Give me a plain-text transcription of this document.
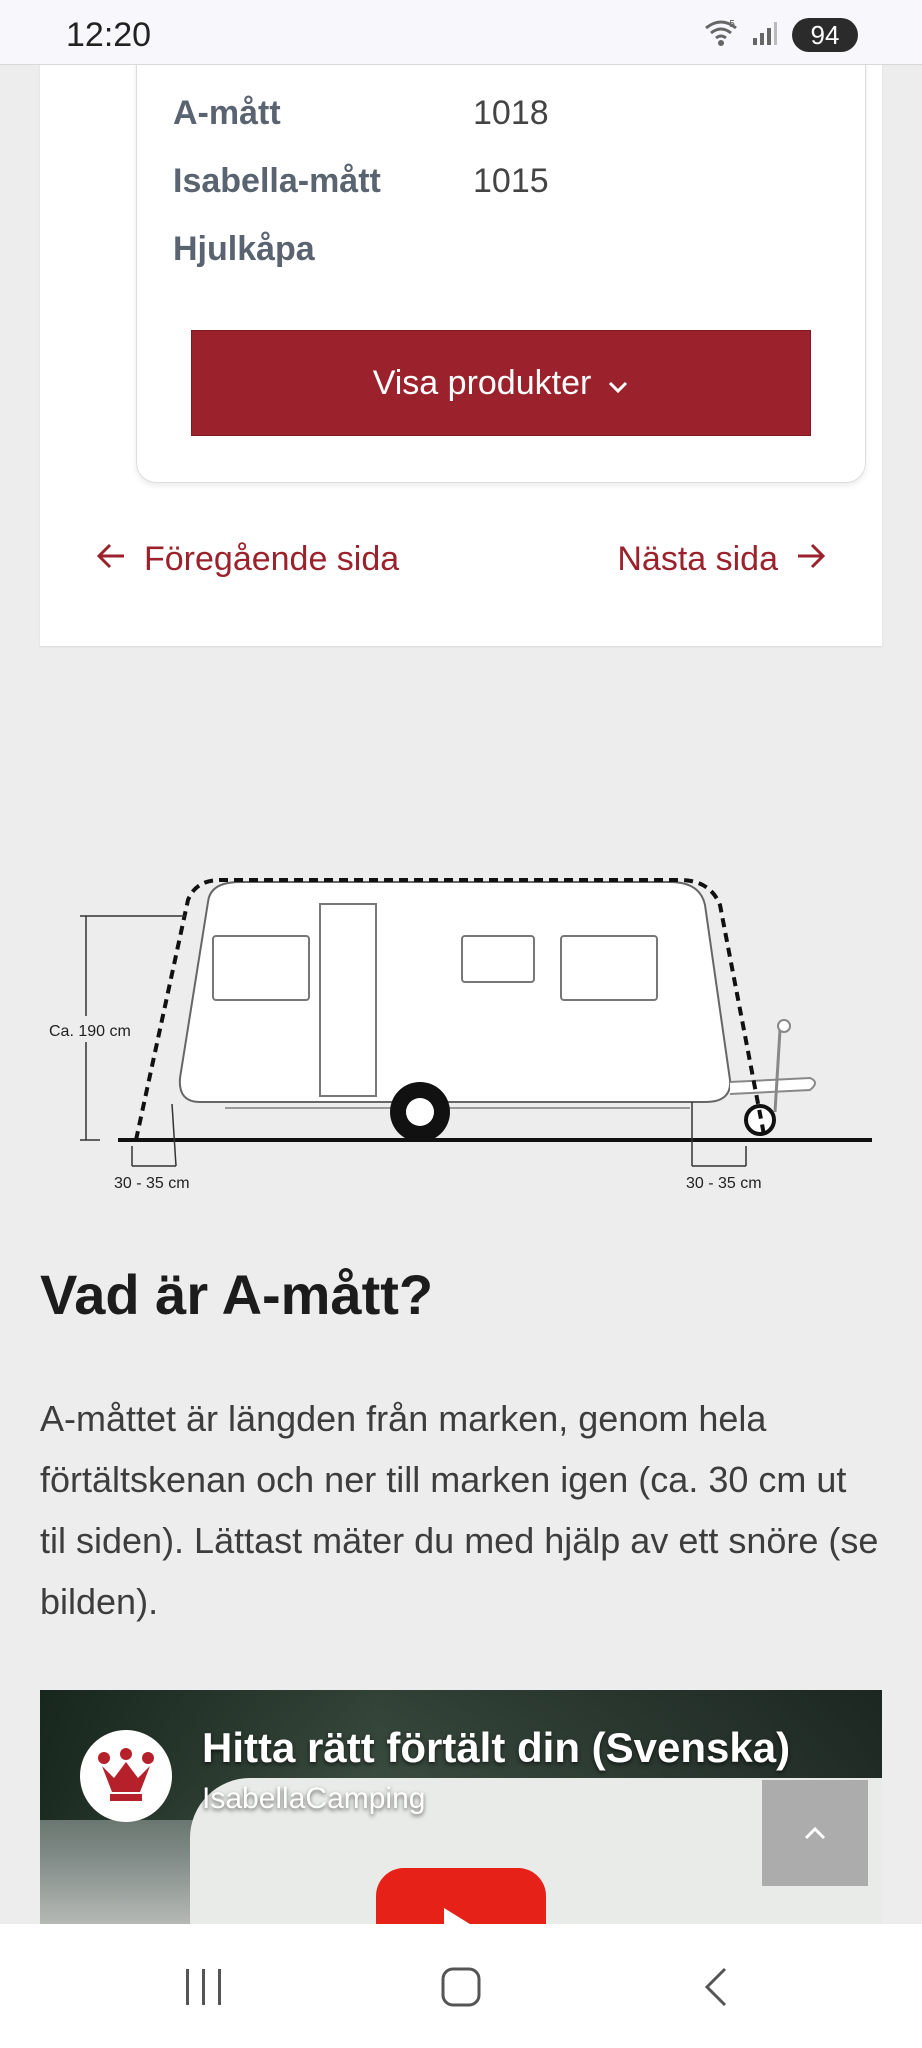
12:20	5	94
A-mått	1018
Isabella-mått	1015
Hjulkåpa
Visa produkter
Föregående sida	Nästa sida
Ca. 190 cm
30 - 35 cm	30 - 35 cm
Vad är A-mått?

A-måttet är längden från marken, genom hela förtältskenan och ner till marken igen (ca. 30 cm ut til siden). Lättast mäter du med hjälp av ett snöre (se bilden).

Hitta rätt förtält din (Svenska)
IsabellaCamping
